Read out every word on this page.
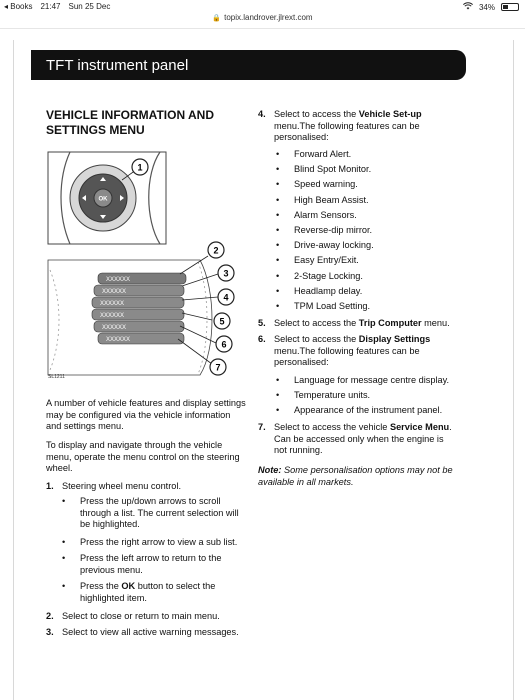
◂ Books 21:47 Sun 25 Dec	34%
🔒 topix.landrover.jlrext.com
TFT instrument panel
VEHICLE INFORMATION AND SETTINGS MENU
OK
1
XXXXXX
XXXXXX
XXXXXX
XXXXXX
XXXXXX
XXXXXX
2
3
4
5
6
7
SL1211
A number of vehicle features and display settings may be configured via the vehicle information and settings menu.
To display and navigate through the vehicle menu, operate the menu control on the steering wheel.
1. Steering wheel menu control.
• Press the up/down arrows to scroll through a list. The current selection will be highlighted.
• Press the right arrow to view a sub list.
• Press the left arrow to return to the previous menu.
• Press the OK button to select the highlighted item.
2. Select to close or return to main menu.
3. Select to view all active warning messages.
4. Select to access the Vehicle Set-up menu.The following features can be personalised:
• Forward Alert.
• Blind Spot Monitor.
• Speed warning.
• High Beam Assist.
• Alarm Sensors.
• Reverse-dip mirror.
• Drive-away locking.
• Easy Entry/Exit.
• 2-Stage Locking.
• Headlamp delay.
• TPM Load Setting.
5. Select to access the Trip Computer menu.
6. Select to access the Display Settings menu.The following features can be personalised:
• Language for message centre display.
• Temperature units.
• Appearance of the instrument panel.
7. Select to access the vehicle Service Menu. Can be accessed only when the engine is not running.
Note: Some personalisation options may not be available in all markets.
